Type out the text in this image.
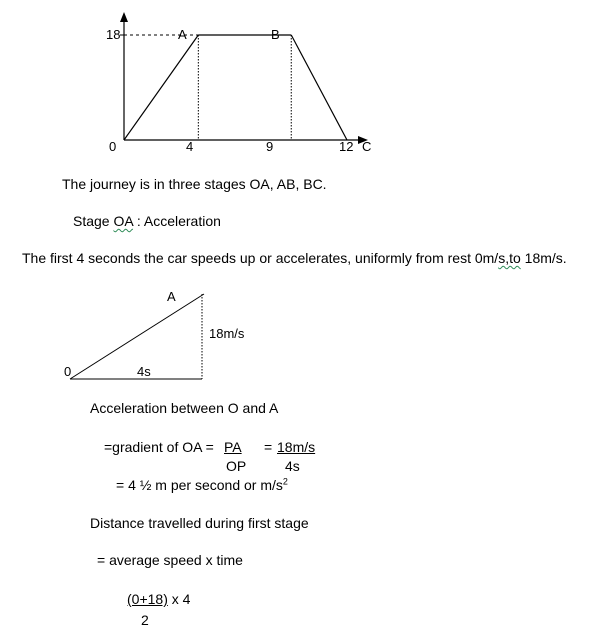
18
0	4	9	12
A	B
C
The journey is in three stages OA, AB, BC.
Stage OA : Acceleration
The first 4 seconds the car speeds up or accelerates, uniformly from rest 0m/s,to 18m/s.
A
0
18m/s
4s
Acceleration between O and A
=gradient of OA = PA
OP
= 18m/s
4s
= 4 ½ m per second or $m/s^2$
Distance travelled during first stage
= average speed x time
(0+18) x 4
2
